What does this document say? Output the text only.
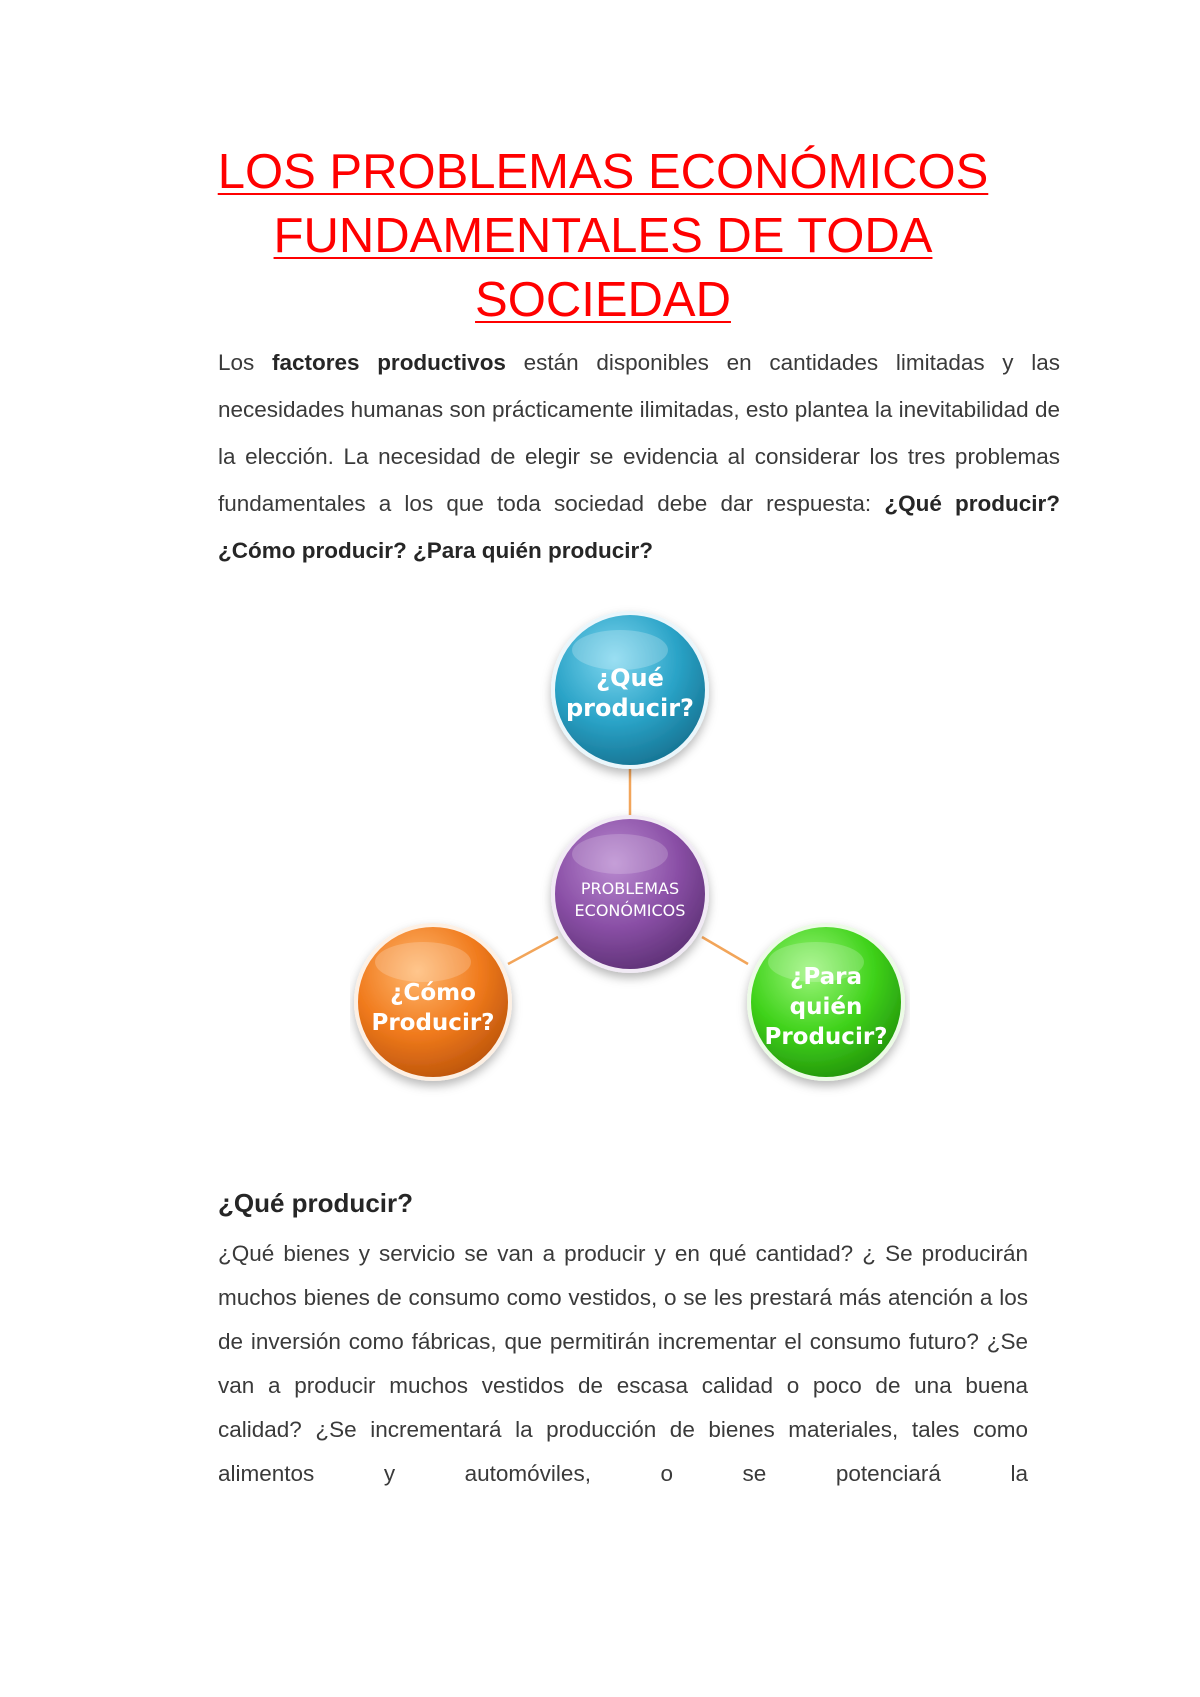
LOS PROBLEMAS ECONÓMICOS
FUNDAMENTALES DE TODA
SOCIEDAD

Los factores productivos están disponibles en cantidades limitadas y las necesidades humanas son prácticamente ilimitadas, esto plantea la inevitabilidad de la elección. La necesidad de elegir se evidencia al considerar los tres problemas fundamentales a los que toda sociedad debe dar respuesta: ¿Qué producir? ¿Cómo producir? ¿Para quién producir?

¿Qué
producir?
PROBLEMAS
ECONÓMICOS
¿Cómo
Producir?
¿Para
quién
Producir?
¿Qué producir?

¿Qué bienes y servicio se van a producir y en qué cantidad? ¿ Se producirán muchos bienes de consumo como vestidos, o se les prestará más atención a los de inversión como fábricas, que permitirán incrementar el consumo futuro? ¿Se van a producir muchos vestidos de escasa calidad o poco de una buena calidad? ¿Se incrementará la producción de bienes materiales, tales como alimentos y automóviles, o se potenciará la
